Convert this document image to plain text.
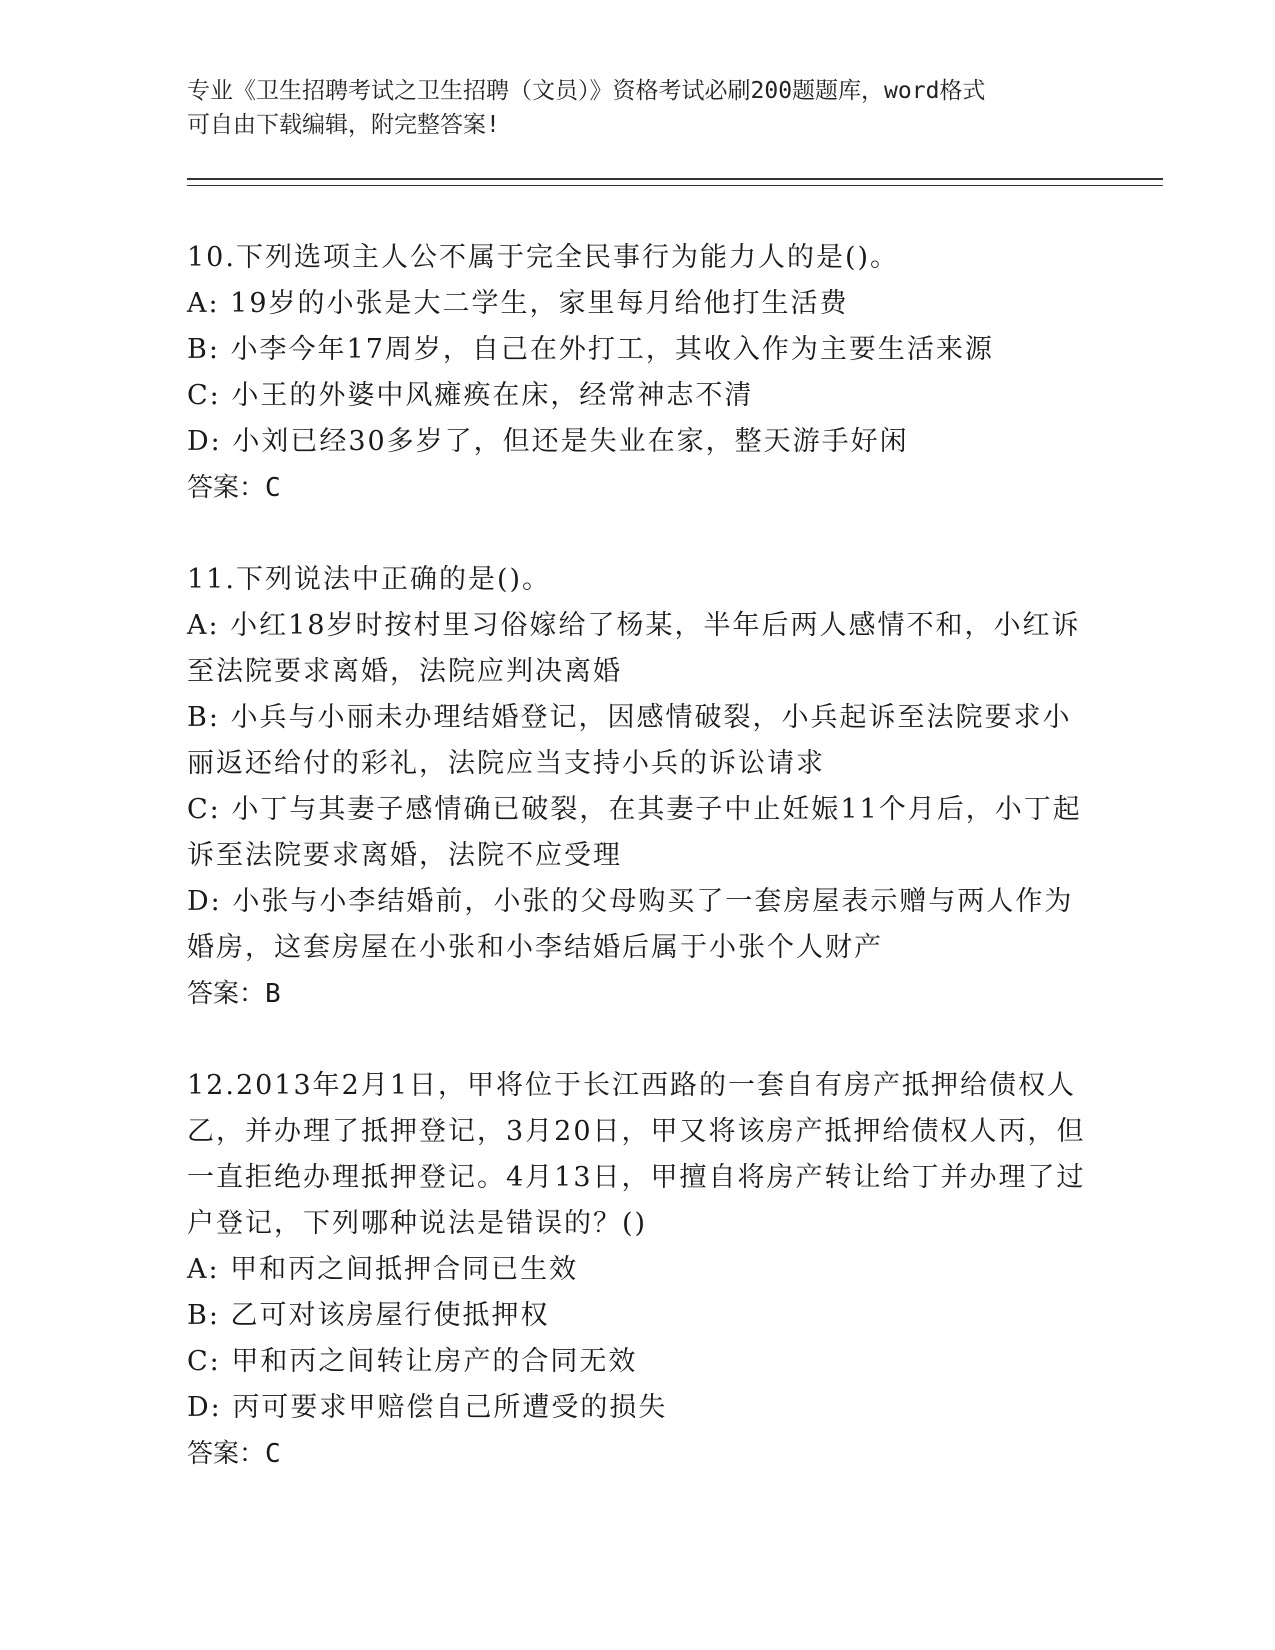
专业《卫生招聘考试之卫生招聘（文员）》资格考试必刷200题题库，word格式
可自由下载编辑，附完整答案!
10.下列选项主人公不属于完全民事行为能力人的是()。
A: 19岁的小张是大二学生，家里每月给他打生活费
B: 小李今年17周岁，自己在外打工，其收入作为主要生活来源
C: 小王的外婆中风瘫痪在床，经常神志不清
D: 小刘已经30多岁了，但还是失业在家，整天游手好闲
答案：C
11.下列说法中正确的是()。
A: 小红18岁时按村里习俗嫁给了杨某，半年后两人感情不和，小红诉至法院要求离婚，法院应判决离婚
B: 小兵与小丽未办理结婚登记，因感情破裂，小兵起诉至法院要求小丽返还给付的彩礼，法院应当支持小兵的诉讼请求
C: 小丁与其妻子感情确已破裂，在其妻子中止妊娠11个月后，小丁起诉至法院要求离婚，法院不应受理
D: 小张与小李结婚前，小张的父母购买了一套房屋表示赠与两人作为婚房，这套房屋在小张和小李结婚后属于小张个人财产
答案：B
12.2013年2月1日，甲将位于长江西路的一套自有房产抵押给债权人乙，并办理了抵押登记，3月20日，甲又将该房产抵押给债权人丙，但一直拒绝办理抵押登记。4月13日，甲擅自将房产转让给丁并办理了过户登记，下列哪种说法是错误的？()
A: 甲和丙之间抵押合同已生效
B: 乙可对该房屋行使抵押权
C: 甲和丙之间转让房产的合同无效
D: 丙可要求甲赔偿自己所遭受的损失
答案：C
